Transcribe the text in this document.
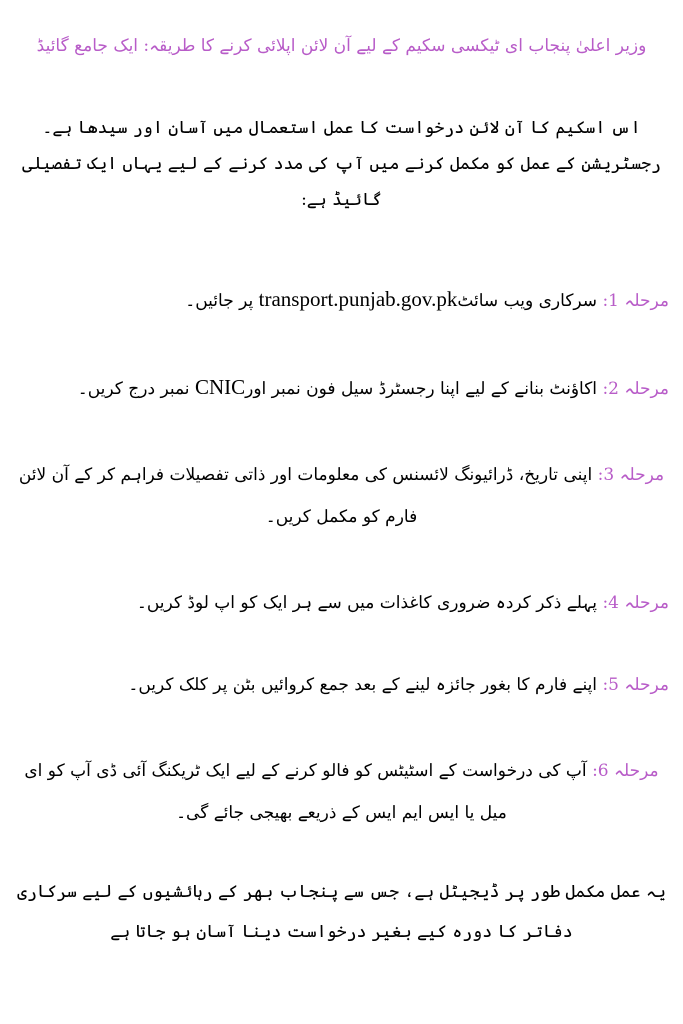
وزیر اعلیٰ پنجاب ای ٹیکسی سکیم کے لیے آن لائن اپلائی کرنے کا طریقہ: ایک جامع گائیڈ

اس اسکیم کا آن لائن درخواست کا عمل استعمال میں آسان اور سیدھا ہے۔ رجسٹریشن کے عمل کو مکمل کرنے میں آپ کی مدد کرنے کے لیے یہاں ایک تفصیلی گائیڈ ہے:

مرحلہ 1: سرکاری ویب سائٹtransport.punjab.gov.pk پر جائیں۔

مرحلہ 2: اکاؤنٹ بنانے کے لیے اپنا رجسٹرڈ سیل فون نمبر اورCNIC نمبر درج کریں۔

مرحلہ 3: اپنی تاریخ، ڈرائیونگ لائسنس کی معلومات اور ذاتی تفصیلات فراہم کر کے آن لائن فارم کو مکمل کریں۔

مرحلہ 4: پہلے ذکر کردہ ضروری کاغذات میں سے ہر ایک کو اپ لوڈ کریں۔

مرحلہ 5: اپنے فارم کا بغور جائزہ لینے کے بعد جمع کروائیں بٹن پر کلک کریں۔

مرحلہ 6: آپ کی درخواست کے اسٹیٹس کو فالو کرنے کے لیے ایک ٹریکنگ آئی ڈی آپ کو ای میل یا ایس ایم ایس کے ذریعے بھیجی جائے گی۔

یہ عمل مکمل طور پر ڈیجیٹل ہے، جس سے پنجاب بھر کے رہائشیوں کے لیے سرکاری دفاتر کا دورہ کیے بغیر درخواست دینا آسان ہو جاتا ہے
